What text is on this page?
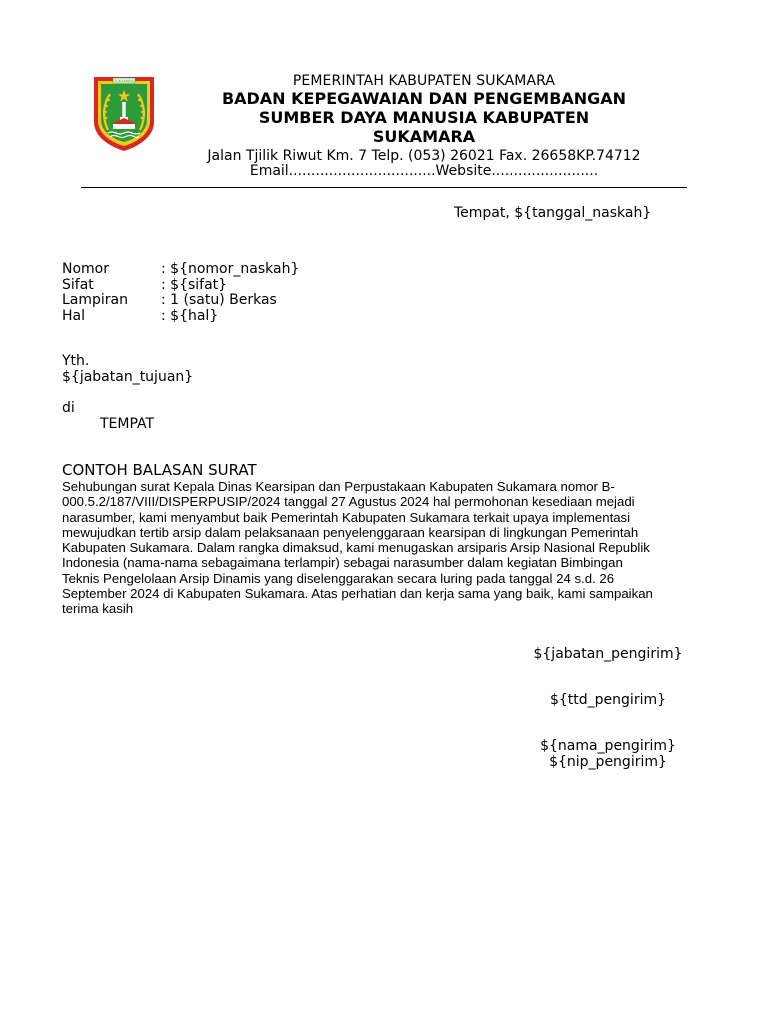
SUKAMARA	PEMERINTAH KABUPATEN SUKAMARA
BADAN KEPEGAWAIAN DAN PENGEMBANGAN
SUMBER DAYA MANUSIA KABUPATEN
SUKAMARA
Jalan Tjilik Riwut Km. 7 Telp. (053) 26021 Fax. 26658KP.74712
Email.................................Website........................
Tempat, ${tanggal_naskah}
Nomor	: ${nomor_naskah}
Sifat	: ${sifat}
Lampiran	: 1 (satu) Berkas
Hal	: ${hal}
Yth.
${jabatan_tujuan}
di
TEMPAT
CONTOH BALASAN SURAT
Sehubungan surat Kepala Dinas Kearsipan dan Perpustakaan Kabupaten Sukamara nomor B-
000.5.2/187/VIII/DISPERPUSIP/2024 tanggal 27 Agustus 2024 hal permohonan kesediaan mejadi
narasumber, kami menyambut baik Pemerintah Kabupaten Sukamara terkait upaya implementasi
mewujudkan tertib arsip dalam pelaksanaan penyelenggaraan kearsipan di lingkungan Pemerintah
Kabupaten Sukamara. Dalam rangka dimaksud, kami menugaskan arsiparis Arsip Nasional Republik
Indonesia (nama-nama sebagaimana terlampir) sebagai narasumber dalam kegiatan Bimbingan
Teknis Pengelolaan Arsip Dinamis yang diselenggarakan secara luring pada tanggal 24 s.d. 26
September 2024 di Kabupaten Sukamara. Atas perhatian dan kerja sama yang baik, kami sampaikan
terima kasih
${jabatan_pengirim}
${ttd_pengirim}
${nama_pengirim}
${nip_pengirim}
